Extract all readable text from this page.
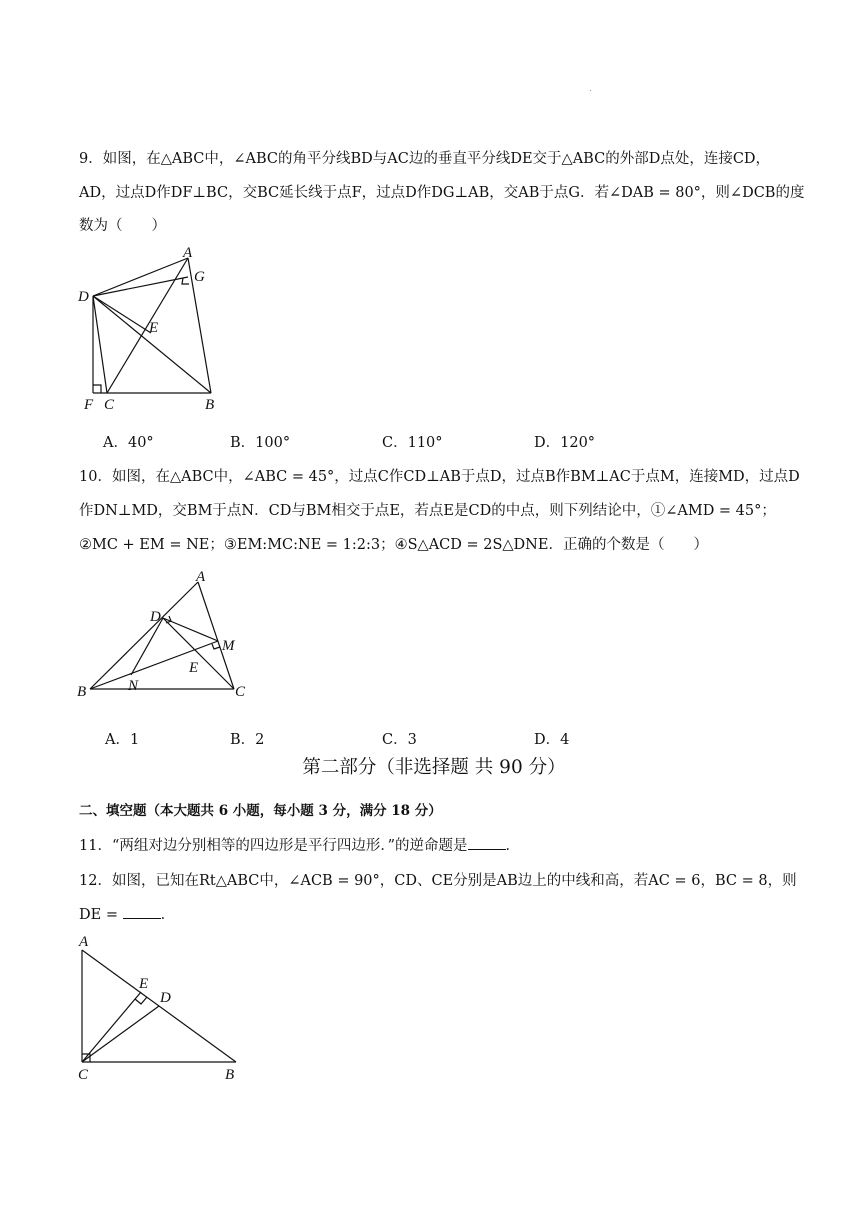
9．如图，在△ABC中，∠ABC的角平分线BD与AC边的垂直平分线DE交于△ABC的外部D点处，连接CD，
AD，过点D作DF⊥BC，交BC延长线于点F，过点D作DG⊥AB，交AB于点G．若∠DAB = 80°，则∠DCB的度
数为（　　）
A
G
D
E
F C	B
A．40°	B．100°	C．110°	D．120°
10．如图，在△ABC中，∠ABC = 45°，过点C作CD⊥AB于点D，过点B作BM⊥AC于点M，连接MD，过点D
作DN⊥MD，交BM于点N．CD与BM相交于点E，若点E是CD的中点，则下列结论中，①∠AMD = 45°；
②MC + EM = NE；③EM:MC:NE = 1:2:3；④S△ACD = 2S△DNE．正确的个数是（　　）
A
D
M
E
N
B	C
A．1	B．2	C．3	D．4
第二部分（非选择题 共 90 分）
二、填空题（本大题共 6 小题，每小题 3 分，满分 18 分）
11．“两组对边分别相等的四边形是平行四边形．”的逆命题是	．
12．如图，已知在Rt△ABC中，∠ACB = 90°，CD、CE分别是AB边上的中线和高，若AC = 6，BC = 8，则
DE =	．
A
E
D
C	B
